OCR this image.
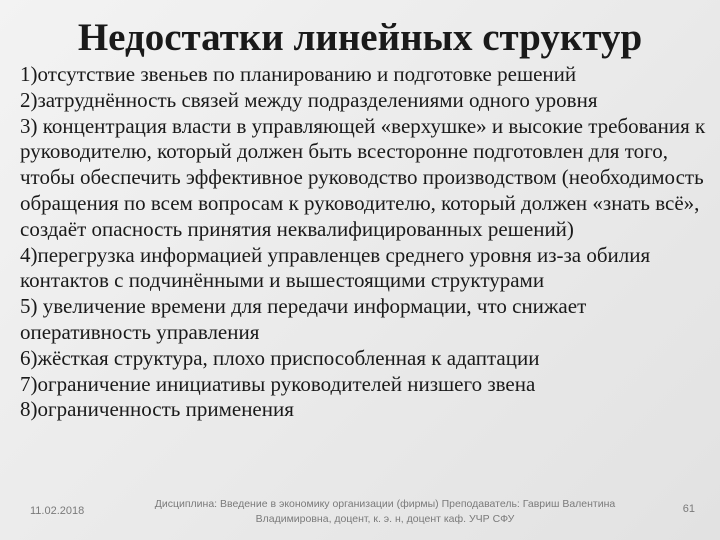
Недостатки линейных структур
1)отсутствие звеньев по планированию и подготовке решений
2)затруднённость связей между подразделениями одного уровня
3) концентрация власти в управляющей «верхушке» и высокие требования к руководителю, который должен быть всесторонне подготовлен для того, чтобы обеспечить эффективное руководство производством (необходимость обращения по всем вопросам к руководителю, который должен «знать всё», создаёт опасность принятия неквалифицированных решений)
4)перегрузка информацией управленцев среднего уровня из-за обилия контактов с подчинёнными и вышестоящими структурами
5) увеличение времени для передачи информации, что снижает оперативность управления
6)жёсткая структура, плохо приспособленная к адаптации
7)ограничение инициативы руководителей низшего звена
8)ограниченность применения
11.02.2018
Дисциплина: Введение в экономику организации (фирмы) Преподаватель: Гавриш Валентина Владимировна, доцент, к. э. н, доцент каф. УЧР СФУ
61
